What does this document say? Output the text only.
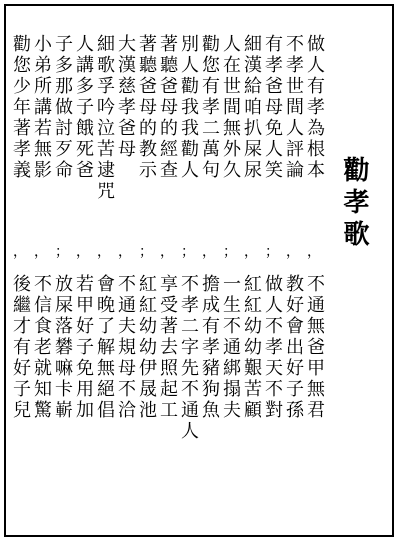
勸孝歌
做人有孝為根本
，
不通無爸甲無君
不孝世間人評論
，
教好會出好子孫
有孝爸母免人笑
；
做人不孝天不對
細漢給咱扒屎尿
，
紅紅幼幼艱苦顧
人在世間無外久
；
一生不通綁搨夫
勸您有孝二萬句
，
擔成有孝豬狗魚
別人勸我我勸人
；
不孝二字先不通人
著聽爸母的經查
，
享受著去照起工
著聽爸母的教示
；
紅紅幼幼伊晟池
大漢慈孝爸母
，
不通夫規母不洽
細歌孚吟泣苦逮咒
，
會晚了解無絕倡
人講多子餓死爸
，
若甲好子免用加
子多那做討歹命
；
放屎落礬嘛卡嶄
小弟所講若無影
，
不信食老就知驚
勸您少年著孝義
，
後繼才有好子兒
